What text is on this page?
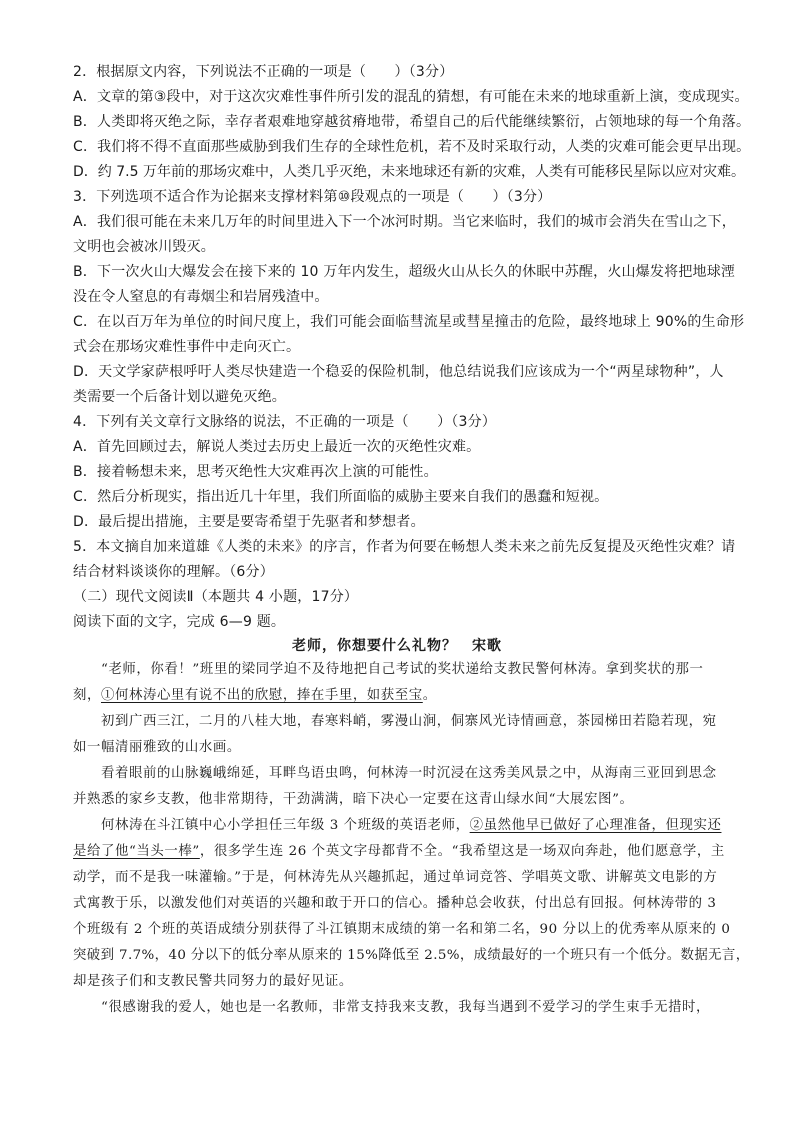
2．根据原文内容，下列说法不正确的一项是（　　）（3分）
A．文章的第③段中，对于这次灾难性事件所引发的混乱的猜想，有可能在未来的地球重新上演，变成现实。
B．人类即将灭绝之际，幸存者艰难地穿越贫瘠地带，希望自己的后代能继续繁衍，占领地球的每一个角落。
C．我们将不得不直面那些威胁到我们生存的全球性危机，若不及时采取行动，人类的灾难可能会更早出现。
D．约 7.5 万年前的那场灾难中，人类几乎灭绝，未来地球还有新的灾难，人类有可能移民星际以应对灾难。
3．下列选项不适合作为论据来支撑材料第⑩段观点的一项是（　　）（3分）
A．我们很可能在未来几万年的时间里进入下一个冰河时期。当它来临时，我们的城市会消失在雪山之下，
文明也会被冰川毁灭。
B．下一次火山大爆发会在接下来的 10 万年内发生，超级火山从长久的休眠中苏醒，火山爆发将把地球湮
没在令人窒息的有毒烟尘和岩屑残渣中。
C．在以百万年为单位的时间尺度上，我们可能会面临彗流星或彗星撞击的危险，最终地球上 90%的生命形
式会在那场灾难性事件中走向灭亡。
D．天文学家萨根呼吁人类尽快建造一个稳妥的保险机制，他总结说我们应该成为一个“两星球物种”，人
类需要一个后备计划以避免灭绝。
4．下列有关文章行文脉络的说法，不正确的一项是（　　）（3分）
A．首先回顾过去，解说人类过去历史上最近一次的灭绝性灾难。
B．接着畅想未来，思考灭绝性大灾难再次上演的可能性。
C．然后分析现实，指出近几十年里，我们所面临的威胁主要来自我们的愚蠢和短视。
D．最后提出措施，主要是要寄希望于先驱者和梦想者。
5．本文摘自加来道雄《人类的未来》的序言，作者为何要在畅想人类未来之前先反复提及灭绝性灾难？请
结合材料谈谈你的理解。（6分）
（二）现代文阅读Ⅱ（本题共 4 小题，17分）
阅读下面的文字，完成 6—9 题。
老师，你想要什么礼物？　宋歌
“老师，你看！”班里的梁同学迫不及待地把自己考试的奖状递给支教民警何林涛。拿到奖状的那一
刻，①何林涛心里有说不出的欣慰，捧在手里，如获至宝。
初到广西三江，二月的八桂大地，春寒料峭，雾漫山涧，侗寨风光诗情画意，茶园梯田若隐若现，宛
如一幅清丽雅致的山水画。
看着眼前的山脉巍峨绵延，耳畔鸟语虫鸣，何林涛一时沉浸在这秀美风景之中，从海南三亚回到思念
并熟悉的家乡支教，他非常期待，干劲满满，暗下决心一定要在这青山绿水间“大展宏图”。
何林涛在斗江镇中心小学担任三年级 3 个班级的英语老师，②虽然他早已做好了心理准备，但现实还
是给了他“当头一棒”，很多学生连 26 个英文字母都背不全。“我希望这是一场双向奔赴，他们愿意学，主
动学，而不是我一味灌输。”于是，何林涛先从兴趣抓起，通过单词竞答、学唱英文歌、讲解英文电影的方
式寓教于乐，以激发他们对英语的兴趣和敢于开口的信心。播种总会收获，付出总有回报。何林涛带的 3
个班级有 2 个班的英语成绩分别获得了斗江镇期末成绩的第一名和第二名，90 分以上的优秀率从原来的 0
突破到 7.7%，40 分以下的低分率从原来的 15%降低至 2.5%，成绩最好的一个班只有一个低分。数据无言，
却是孩子们和支教民警共同努力的最好见证。
“很感谢我的爱人，她也是一名教师，非常支持我来支教，我每当遇到不爱学习的学生束手无措时，
